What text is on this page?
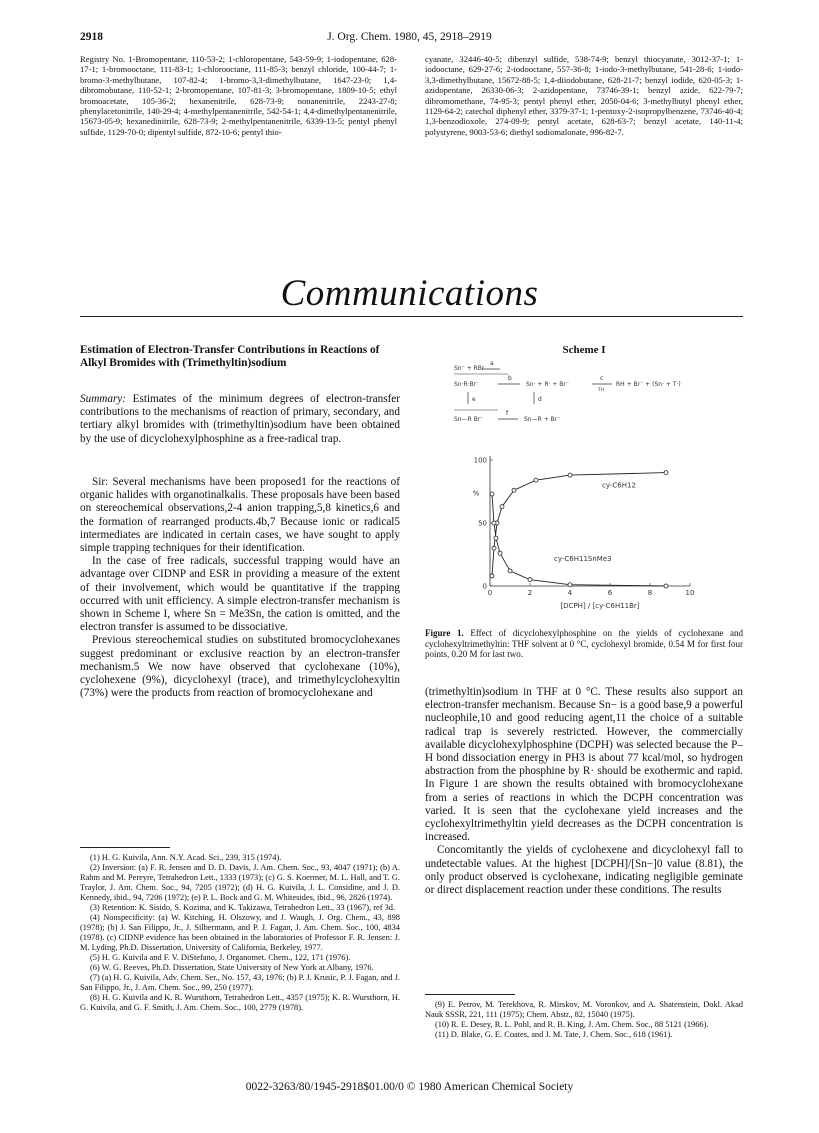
2918	J. Org. Chem. 1980, 45, 2918–2919

Registry No. 1-Bromopentane, 110-53-2; 1-chloropentane, 543-59-9; 1-iodopentane, 628-17-1; 1-bromooctane, 111-83-1; 1-chlorooctane, 111-85-3; benzyl chloride, 100-44-7; 1-bromo-3-methylbutane, 107-82-4; 1-bromo-3,3-dimethylbutane, 1647-23-0; 1,4-dibromobutane, 110-52-1; 2-bromopentane, 107-81-3; 3-bromopentane, 1809-10-5; ethyl bromoacetate, 105-36-2; hexanenitrile, 628-73-9; nonanenitrile, 2243-27-8; phenylacetonitrile, 140-29-4; 4-methylpentanenitrile, 542-54-1; 4,4-dimethylpentanenitrile, 15673-05-9; hexanedinitrile, 628-73-9; 2-methylpentanenitrile, 6339-13-5; pentyl phenyl sulfide, 1129-70-0; dipentyl sulfide, 872-10-6; pentyl thio-

cyanate, 32446-40-5; dibenzyl sulfide, 538-74-9; benzyl thiocyanate, 3012-37-1; 1-iodooctane, 629-27-6; 2-iodooctane, 557-36-8; 1-iodo-3-methylbutane, 541-28-6; 1-iodo-3,3-dimethylbutane, 15672-88-5; 1,4-diiodobutane, 628-21-7; benzyl iodide, 620-05-3; 1-azidopentane, 26330-06-3; 2-azidopentane, 73746-39-1; benzyl azide, 622-79-7; dibromomethane, 74-95-3; pentyl phenyl ether, 2050-04-6; 3-methylbutyl phenyl ether, 1129-64-2; catechol diphenyl ether, 3379-37-1; 1-pentoxy-2-isopropylbenzene, 73746-40-4; 1,3-benzodioxole, 274-09-9; pentyl acetate, 628-63-7; benzyl acetate, 140-11-4; polystyrene, 9003-53-6; diethyl sodiomalonate, 996-82-7.

Communications
Estimation of Electron-Transfer Contributions in Reactions of Alkyl Bromides with (Trimethyltin)sodium

Summary: Estimates of the minimum degrees of electron-transfer contributions to the mechanisms of reaction of primary, secondary, and tertiary alkyl bromides with (trimethyltin)sodium have been obtained by the use of dicyclohexylphosphine as a free-radical trap.

Sir: Several mechanisms have been proposed1 for the reactions of organic halides with organotinalkalis. These proposals have been based on stereochemical observations,2-4 anion trapping,5,8 kinetics,6 and the formation of rearranged products.4b,7 Because ionic or radical5 intermediates are indicated in certain cases, we have sought to apply simple trapping techniques for their identification.

In the case of free radicals, successful trapping would have an advantage over CIDNP and ESR in providing a measure of the extent of their involvement, which would be quantitative if the trapping occurred with unit efficiency. A simple electron-transfer mechanism is shown in Scheme I, where Sn = Me3Sn, the cation is omitted, and the electron transfer is assumed to be dissociative.

Previous stereochemical studies on substituted bromocyclohexanes suggest predominant or exclusive reaction by an electron-transfer mechanism.5 We now have observed that cyclohexane (10%), cyclohexene (9%), dicyclohexyl (trace), and trimethylcyclohexyltin (73%) were the products from reaction of bromocyclohexane and

(1) H. G. Kuivila, Ann. N.Y. Acad. Sci., 239, 315 (1974).

(2) Inversion: (a) F. R. Jensen and D. D. Davis, J. Am. Chem. Soc., 93, 4047 (1971); (b) A. Rahm and M. Pereyre, Tetrahedron Lett., 1333 (1973); (c) G. S. Koermer, M. L. Hall, and T. G. Traylor, J. Am. Chem. Soc., 94, 7205 (1972); (d) H. G. Kuivila, J. L. Considine, and J. D. Kennedy, ibid., 94, 7206 (1972); (e) P. L. Bock and G. M. Whitesides, ibid., 96, 2826 (1974).

(3) Retention: K. Sisido, S. Kozima, and K. Takizawa, Tetrahedron Lett., 33 (1967), ref 3d.

(4) Nonspecificity: (a) W. Kitching, H. Olszowy, and J. Waugh, J. Org. Chem., 43, 898 (1978); (b) J. San Filippo, Jr., J. Silbermann, and P. J. Fagan, J. Am. Chem. Soc., 100, 4834 (1978). (c) CIDNP evidence has been obtained in the laboratories of Professor F. R. Jensen: J. M. Lyding, Ph.D. Dissertation, University of California, Berkeley, 1977.

(5) H. G. Kuivila and F. V. DiStefano, J. Organomet. Chem., 122, 171 (1976).

(6) W. G. Reeves, Ph.D. Dissertation, State University of New York at Albany, 1976.

(7) (a) H. G. Kuivila, Adv. Chem. Ser., No. 157, 43, 1976; (b) P. J. Krusic, P. J. Fagan, and J. San Filippo, Jr., J. Am. Chem. Soc., 99, 250 (1977).

(8) H. G. Kuivila and K. R. Wursthorn, Tetrahedron Lett., 4357 (1975); K. R. Wursthorn, H. G. Kuivila, and G. F. Smith, J. Am. Chem. Soc., 100, 2779 (1978).

Scheme I
Sn⁻ + RBr
a
Sn·R·Br⁻
b
Sn· + R· + Br⁻
c
TH
RH + Br⁻ + (Sn· + T·)
e	d
Sn—R Br⁻
f
Sn—R + Br⁻
0	2	4	6	8	10
0
50
100
%
[DCPH] / [cy-C6H11Br]
cy-C6H12
cy-C6H11SnMe3
Figure 1. Effect of dicyclohexylphosphine on the yields of cyclohexane and cyclohexyltrimethyltin: THF solvent at 0 °C, cyclohexyl bromide, 0.54 M for first four points, 0.20 M for last two.

(trimethyltin)sodium in THF at 0 °C. These results also support an electron-transfer mechanism. Because Sn− is a good base,9 a powerful nucleophile,10 and good reducing agent,11 the choice of a suitable radical trap is severely restricted. However, the commercially available dicyclohexylphosphine (DCPH) was selected because the P–H bond dissociation energy in PH3 is about 77 kcal/mol, so hydrogen abstraction from the phosphine by R· should be exothermic and rapid. In Figure 1 are shown the results obtained with bromocyclohexane from a series of reactions in which the DCPH concentration was varied. It is seen that the cyclohexane yield increases and the cyclohexyltrimethyltin yield decreases as the DCPH concentration is increased.

Concomitantly the yields of cyclohexene and dicyclohexyl fall to undetectable values. At the highest [DCPH]/[Sn−]0 value (8.81), the only product observed is cyclohexane, indicating negligible geminate or direct displacement reaction under these conditions. The results

(9) E. Petrov, M. Terekhova, R. Mirskov, M. Voronkov, and A. Shatenstein, Dokl. Akad Nauk SSSR, 221, 111 (1975); Chem. Abstr., 82, 15040 (1975).

(10) R. E. Desey, R. L. Pohl, and R. B. King, J. Am. Chem. Soc., 88 5121 (1966).

(11) D. Blake, G. E. Coates, and J. M. Tate, J. Chem. Soc., 618 (1961).

0022-3263/80/1945-2918$01.00/0 © 1980 American Chemical Society
